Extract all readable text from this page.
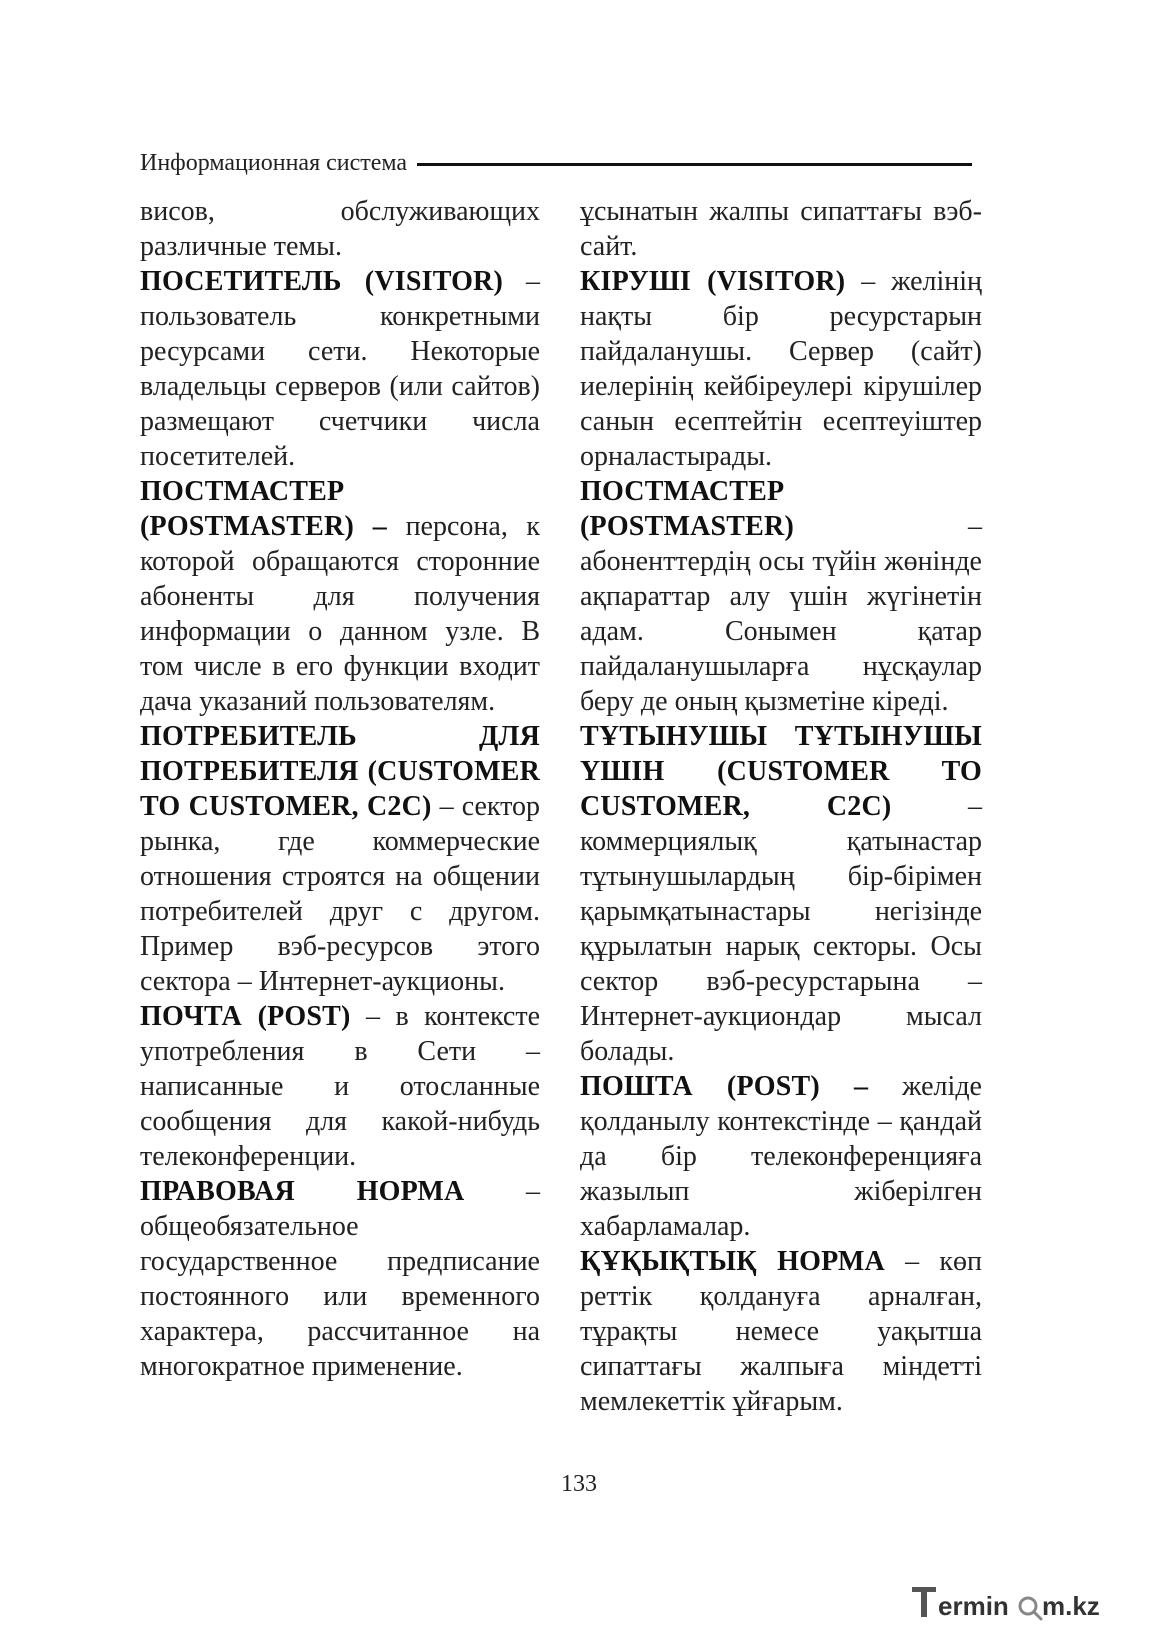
Информационная система

висов, обслуживающих различные темы.

ПОСЕТИТЕЛЬ (VISITOR) – пользователь конкретными ресурсами сети. Некоторые владельцы серверов (или сайтов) размещают счетчики числа посетителей.

ПОСТМАСТЕР (POSTMASTER) – персона, к которой обращаются сторонние абоненты для получения информации о данном узле. В том числе в его функции входит дача указаний пользователям.

ПОТРЕБИТЕЛЬ ДЛЯ ПОТРЕБИТЕЛЯ (CUSTOMER TO CUSTOMER, C2C) – сектор рынка, где коммерческие отношения строятся на общении потребителей друг с другом. Пример вэб-ресурсов этого сектора – Интернет-аукционы.

ПОЧТА (POST) – в контексте употребления в Сети – написанные и отосланные сообщения для какой-нибудь телеконференции.

ПРАВОВАЯ НОРМА – общеобязательное государственное предписание постоянного или временного характера, рассчитанное на многократное применение.

ұсынатын жалпы сипаттағы вэб-сайт.

КІРУШІ (VISITOR) – желінің нақты бір ресурстарын пайдаланушы. Сервер (сайт) иелерінің кейбіреулері кірушілер санын есептейтін есептеуіштер орналастырады.

ПОСТМАСТЕР (POSTMASTER)	– абоненттердің осы түйін жөнінде ақпараттар алу үшін жүгінетін адам. Сонымен қатар пайдаланушыларға нұсқаулар беру де оның қызметіне кіреді.

ТҰТЫНУШЫ ТҰТЫНУШЫ ҮШІН (CUSTOMER TO CUSTOMER, C2C)	– коммерциялық қатынастар тұтынушылардың бір-бірімен қарымқатынастары негізінде құрылатын нарық секторы. Осы сектор вэб-ресурстарына – Интернет-аукциондар мысал болады.

ПОШТА (POST) – желіде қолданылу контекстінде – қандай да бір телеконференцияға жазылып жіберілген хабарламалар.

ҚҰҚЫҚТЫҚ НОРМА – көп реттік қолдануға арналған, тұрақты немесе уақытша сипаттағы жалпыға міндетті мемлекеттік ұйғарым.

133
ermin m.kz
